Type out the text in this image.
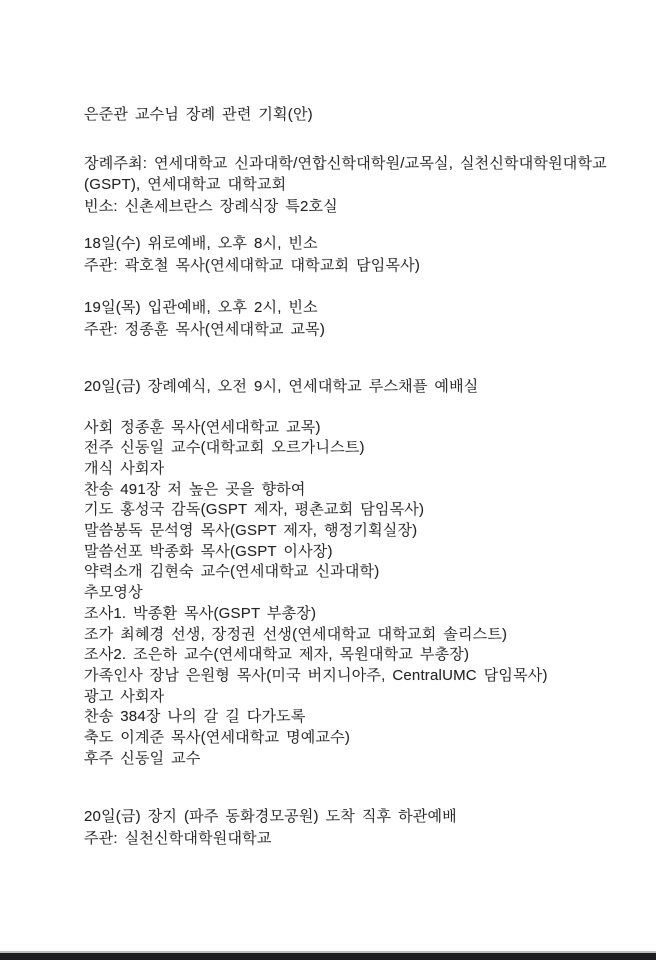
은준관 교수님 장례 관련 기획(안)
장례주최: 연세대학교 신과대학/연합신학대학원/교목실, 실천신학대학원대학교
(GSPT), 연세대학교 대학교회
빈소: 신촌세브란스 장례식장 특2호실
18일(수) 위로예배, 오후 8시, 빈소
주관: 곽호철 목사(연세대학교 대학교회 담임목사)
19일(목) 입관예배, 오후 2시, 빈소
주관: 정종훈 목사(연세대학교 교목)
20일(금) 장례예식, 오전 9시, 연세대학교 루스채플 예배실
사회 정종훈 목사(연세대학교 교목)
전주 신동일 교수(대학교회 오르가니스트)
개식 사회자
찬송 491장 저 높은 곳을 향하여
기도 홍성국 감독(GSPT 제자, 평촌교회 담임목사)
말씀봉독 문석영 목사(GSPT 제자, 행정기획실장)
말씀선포 박종화 목사(GSPT 이사장)
약력소개 김현숙 교수(연세대학교 신과대학)
추모영상
조사1. 박종환 목사(GSPT 부총장)
조가 최혜경 선생, 장정권 선생(연세대학교 대학교회 솔리스트)
조사2. 조은하 교수(연세대학교 제자, 목원대학교 부총장)
가족인사 장남 은원형 목사(미국 버지니아주, CentralUMC 담임목사)
광고 사회자
찬송 384장 나의 갈 길 다가도록
축도 이계준 목사(연세대학교 명예교수)
후주 신동일 교수
20일(금) 장지 (파주 동화경모공원) 도착 직후 하관예배
주관: 실천신학대학원대학교
